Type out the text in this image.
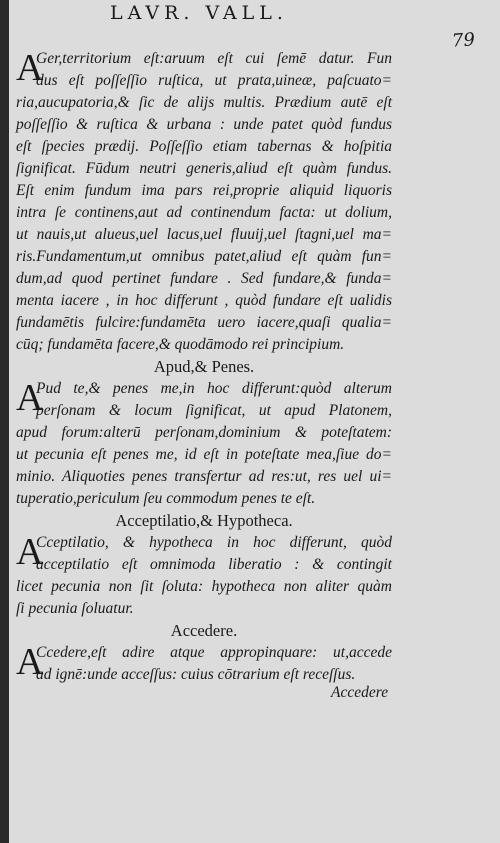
LAVR. VALL.
79
A
Ger,territorium eſt:aruum eſt cui ſemē datur. Fun
dus eſt poſſeſſio ruſtica, ut prata,uineæ, paſcuato=
ria,aucupatoria,& ſic de alijs multis. Prædium autē eſt
poſſeſſio & ruſtica & urbana : unde patet quòd fundus
eſt ſpecies prædij. Poſſeſſio etiam tabernas & hoſpitia
ſignificat. Fūdum neutri generis,aliud eſt quàm fundus.
Eſt enim fundum ima pars rei,proprie aliquid liquoris
intra ſe continens,aut ad continendum facta: ut dolium,
ut nauis,ut alueus,uel lacus,uel fluuij,uel ſtagni,uel ma=
ris.Fundamentum,ut omnibus patet,aliud eſt quàm fun=
dum,ad quod pertinet fundare . Sed fundare,& funda=
menta iacere , in hoc differunt , quòd fundare eſt ualidis
fundamētis fulcire:fundamēta uero iacere,quaſi qualia=
cūq; fundamēta facere,& quodāmodo rei principium.
Apud,& Penes.
A
Pud te,& penes me,in hoc differunt:quòd alterum
perſonam & locum ſignificat, ut apud Platonem,
apud forum:alterū perſonam,dominium & poteſtatem:
ut pecunia eſt penes me, id eſt in poteſtate mea,ſiue do=
minio. Aliquoties penes transfertur ad res:ut, res uel ui=
tuperatio,periculum ſeu commodum penes te eſt.
Acceptilatio,& Hypotheca.
A
Cceptilatio, & hypotheca in hoc differunt, quòd
acceptilatio eſt omnimoda liberatio : & contingit
licet pecunia non ſit ſoluta: hypotheca non aliter quàm
ſi pecunia ſoluatur.
Accedere.
A
Ccedere,eſt adire atque appropinquare: ut,accede
ad ignē:unde acceſſus: cuius cōtrarium eſt receſſus.
Accedere
